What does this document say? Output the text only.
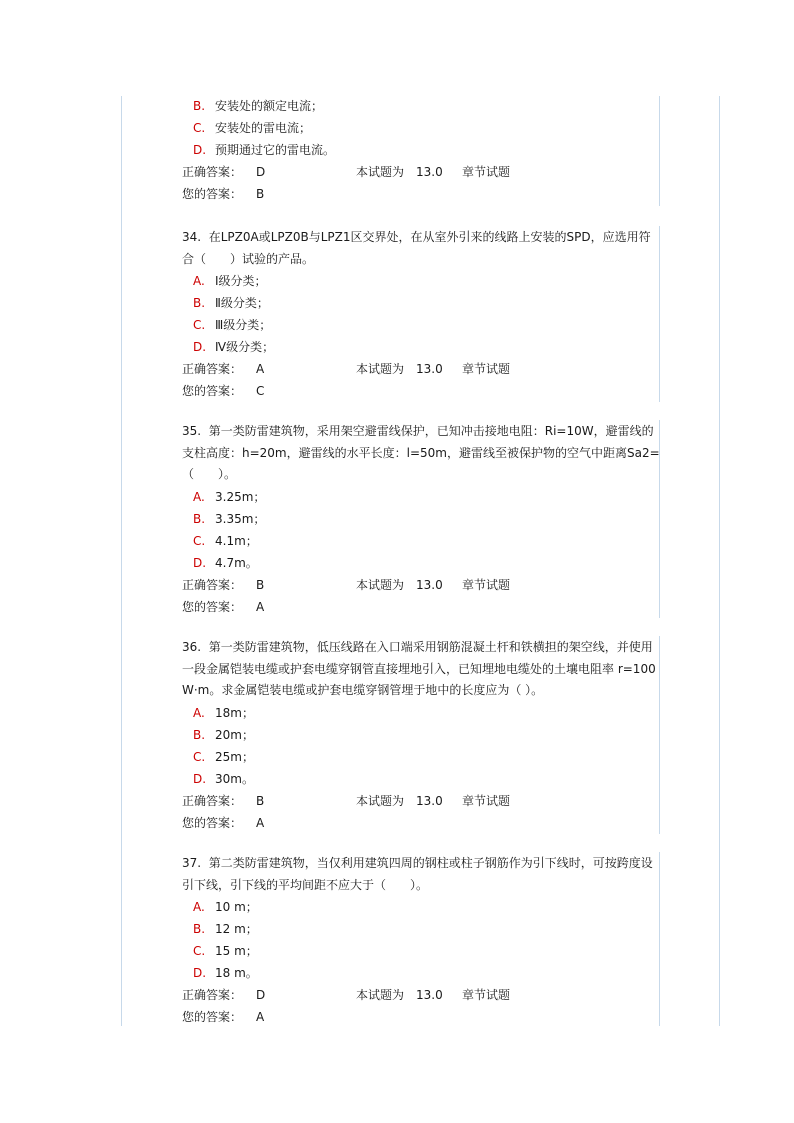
B. 安装处的额定电流；
C. 安装处的雷电流；
D. 预期通过它的雷电流。
正确答案： D	本试题为　13.0 章节试题
您的答案： B
34. 在LPZ0A或LPZ0B与LPZ1区交界处，在从室外引来的线路上安装的SPD，应选用符合（　　）试验的产品。
A. Ⅰ级分类；
B. Ⅱ级分类；
C. Ⅲ级分类；
D. Ⅳ级分类；
正确答案： A	本试题为　13.0 章节试题
您的答案： C
35. 第一类防雷建筑物，采用架空避雷线保护，已知冲击接地电阻：Ri=10W，避雷线的支柱高度：h=20m，避雷线的水平长度：l=50m，避雷线至被保护物的空气中距离Sa2=（　　）。
A. 3.25m；
B. 3.35m；
C. 4.1m；
D. 4.7m。
正确答案： B	本试题为　13.0 章节试题
您的答案： A
36. 第一类防雷建筑物，低压线路在入口端采用钢筋混凝土杆和铁横担的架空线，并使用一段金属铠装电缆或护套电缆穿钢管直接埋地引入，已知埋地电缆处的土壤电阻率 r=100W·m。求金属铠装电缆或护套电缆穿钢管埋于地中的长度应为（ ）。
A. 18m；
B. 20m；
C. 25m；
D. 30m。
正确答案： B	本试题为　13.0 章节试题
您的答案： A
37. 第二类防雷建筑物，当仅利用建筑四周的钢柱或柱子钢筋作为引下线时，可按跨度设引下线，引下线的平均间距不应大于（　　）。
A. 10 m；
B. 12 m；
C. 15 m；
D. 18 m。
正确答案： D	本试题为　13.0 章节试题
您的答案： A
